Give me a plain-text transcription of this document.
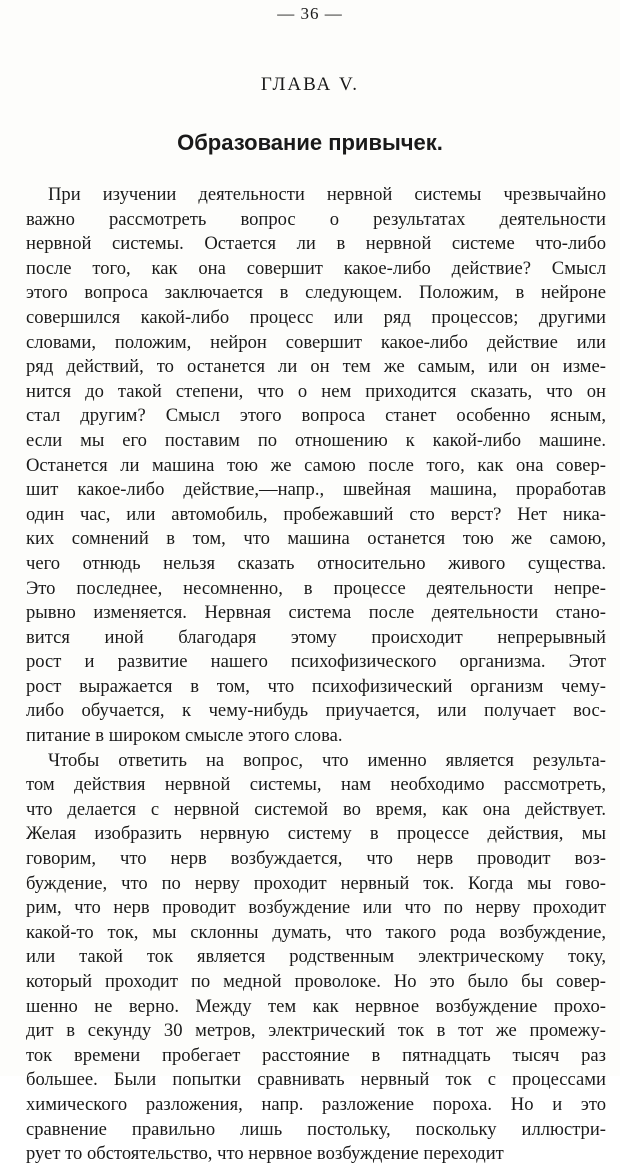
— 36 —
ГЛАВА V.
Образование привычек.
При изучении деятельности нервной системы чрезвычайно
важно рассмотреть вопрос о результатах деятельности
нервной системы. Остается ли в нервной системе что-либо
после того, как она совершит какое-либо действие? Смысл
этого вопроса заключается в следующем. Положим, в нейроне
совершился какой-либо процесс или ряд процессов; другими
словами, положим, нейрон совершит какое-либо действие или
ряд действий, то останется ли он тем же самым, или он изме-
нится до такой степени, что о нем приходится сказать, что он
стал другим? Смысл этого вопроса станет особенно ясным,
если мы его поставим по отношению к какой-либо машине.
Останется ли машина тою же самою после того, как она совер-
шит какое-либо действие,—напр., швейная машина, проработав
один час, или автомобиль, пробежавший сто верст? Нет ника-
ких сомнений в том, что машина останется тою же самою,
чего отнюдь нельзя сказать относительно живого существа.
Это последнее, несомненно, в процессе деятельности непре-
рывно изменяется. Нервная система после деятельности стано-
вится иной благодаря этому происходит непрерывный
рост и развитие нашего психофизического организма. Этот
рост выражается в том, что психофизический организм чему-
либо обучается, к чему-нибудь приучается, или получает вос-
питание в широком смысле этого слова.
Чтобы ответить на вопрос, что именно является результа-
том действия нервной системы, нам необходимо рассмотреть,
что делается с нервной системой во время, как она действует.
Желая изобразить нервную систему в процессе действия, мы
говорим, что нерв возбуждается, что нерв проводит воз-
буждение, что по нерву проходит нервный ток. Когда мы гово-
рим, что нерв проводит возбуждение или что по нерву проходит
какой-то ток, мы склонны думать, что такого рода возбуждение,
или такой ток является родственным электрическому току,
который проходит по медной проволоке. Но это было бы совер-
шенно не верно. Между тем как нервное возбуждение прохо-
дит в секунду 30 метров, электрический ток в тот же промежу-
ток времени пробегает расстояние в пятнадцать тысяч раз
большее. Были попытки сравнивать нервный ток с процессами
химического разложения, напр. разложение пороха. Но и это
сравнение правильно лишь постольку, поскольку иллюстри-
рует то обстоятельство, что нервное возбуждение переходит
